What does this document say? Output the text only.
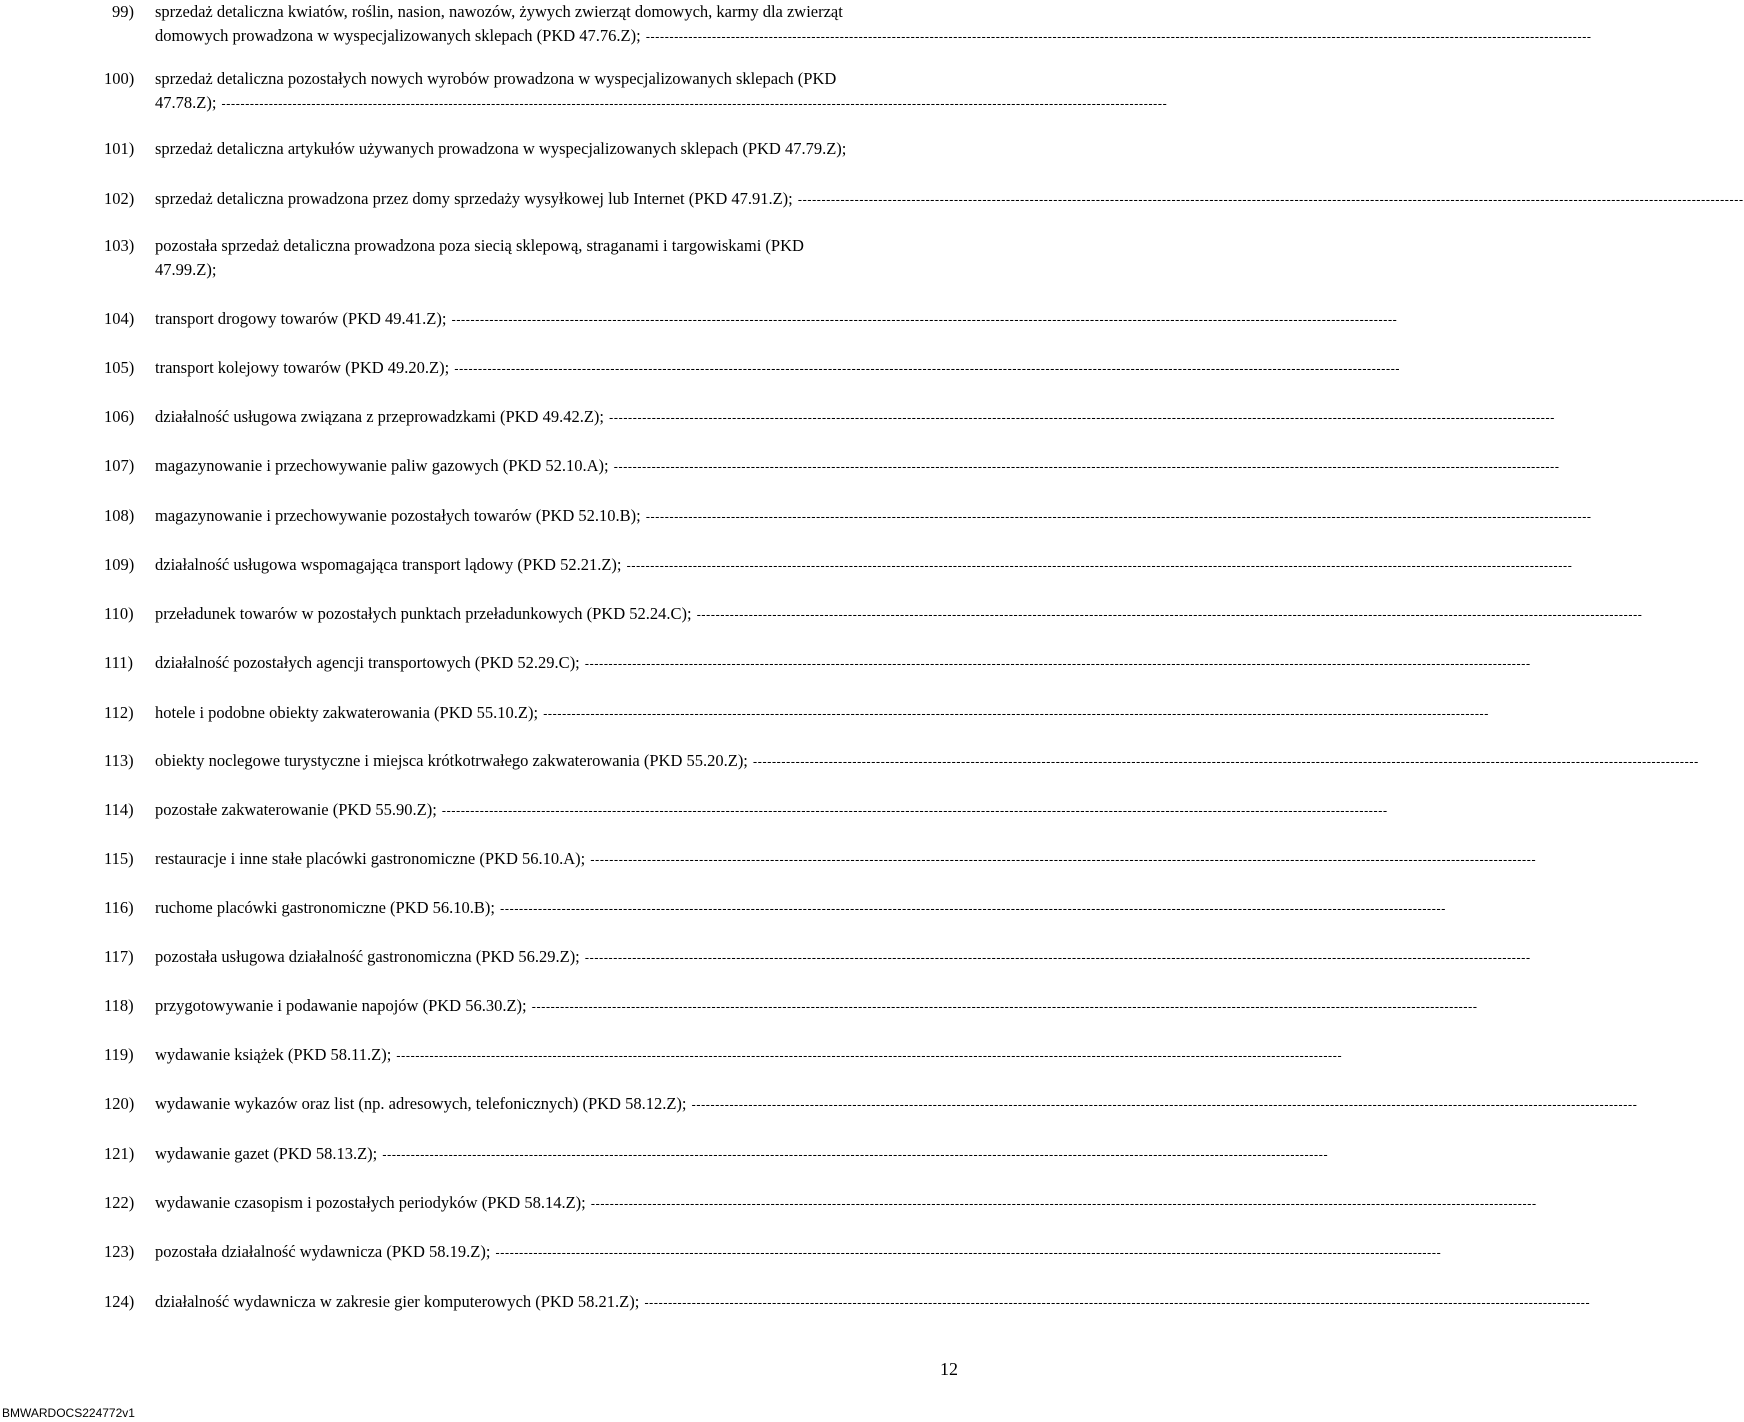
99) sprzedaż detaliczna kwiatów, roślin, nasion, nawozów, żywych zwierząt domowych, karmy dla zwierząt
domowych prowadzona w wyspecjalizowanych sklepach (PKD 47.76.Z); --------------------------------------------------------------------------------------------------------------------------------------------------------------------------------------------------------
100) sprzedaż detaliczna pozostałych nowych wyrobów prowadzona w wyspecjalizowanych sklepach (PKD
47.78.Z); --------------------------------------------------------------------------------------------------------------------------------------------------------------------------------------------------------
101) sprzedaż detaliczna artykułów używanych prowadzona w wyspecjalizowanych sklepach (PKD 47.79.Z);
102) sprzedaż detaliczna prowadzona przez domy sprzedaży wysyłkowej lub Internet (PKD 47.91.Z); --------------------------------------------------------------------------------------------------------------------------------------------------------------------------------------------------------
103) pozostała sprzedaż detaliczna prowadzona poza siecią sklepową, straganami i targowiskami (PKD
47.99.Z);
104) transport drogowy towarów (PKD 49.41.Z); --------------------------------------------------------------------------------------------------------------------------------------------------------------------------------------------------------
105) transport kolejowy towarów (PKD 49.20.Z); --------------------------------------------------------------------------------------------------------------------------------------------------------------------------------------------------------
106) działalność usługowa związana z przeprowadzkami (PKD 49.42.Z); --------------------------------------------------------------------------------------------------------------------------------------------------------------------------------------------------------
107) magazynowanie i przechowywanie paliw gazowych (PKD 52.10.A); --------------------------------------------------------------------------------------------------------------------------------------------------------------------------------------------------------
108) magazynowanie i przechowywanie pozostałych towarów (PKD 52.10.B); --------------------------------------------------------------------------------------------------------------------------------------------------------------------------------------------------------
109) działalność usługowa wspomagająca transport lądowy (PKD 52.21.Z); --------------------------------------------------------------------------------------------------------------------------------------------------------------------------------------------------------
110) przeładunek towarów w pozostałych punktach przeładunkowych (PKD 52.24.C); --------------------------------------------------------------------------------------------------------------------------------------------------------------------------------------------------------
111) działalność pozostałych agencji transportowych (PKD 52.29.C); --------------------------------------------------------------------------------------------------------------------------------------------------------------------------------------------------------
112) hotele i podobne obiekty zakwaterowania (PKD 55.10.Z); --------------------------------------------------------------------------------------------------------------------------------------------------------------------------------------------------------
113) obiekty noclegowe turystyczne i miejsca krótkotrwałego zakwaterowania (PKD 55.20.Z); --------------------------------------------------------------------------------------------------------------------------------------------------------------------------------------------------------
114) pozostałe zakwaterowanie (PKD 55.90.Z); --------------------------------------------------------------------------------------------------------------------------------------------------------------------------------------------------------
115) restauracje i inne stałe placówki gastronomiczne (PKD 56.10.A); --------------------------------------------------------------------------------------------------------------------------------------------------------------------------------------------------------
116) ruchome placówki gastronomiczne (PKD 56.10.B); --------------------------------------------------------------------------------------------------------------------------------------------------------------------------------------------------------
117) pozostała usługowa działalność gastronomiczna (PKD 56.29.Z); --------------------------------------------------------------------------------------------------------------------------------------------------------------------------------------------------------
118) przygotowywanie i podawanie napojów (PKD 56.30.Z); --------------------------------------------------------------------------------------------------------------------------------------------------------------------------------------------------------
119) wydawanie książek (PKD 58.11.Z); --------------------------------------------------------------------------------------------------------------------------------------------------------------------------------------------------------
120) wydawanie wykazów oraz list (np. adresowych, telefonicznych) (PKD 58.12.Z); --------------------------------------------------------------------------------------------------------------------------------------------------------------------------------------------------------
121) wydawanie gazet (PKD 58.13.Z); --------------------------------------------------------------------------------------------------------------------------------------------------------------------------------------------------------
122) wydawanie czasopism i pozostałych periodyków (PKD 58.14.Z); --------------------------------------------------------------------------------------------------------------------------------------------------------------------------------------------------------
123) pozostała działalność wydawnicza (PKD 58.19.Z); --------------------------------------------------------------------------------------------------------------------------------------------------------------------------------------------------------
124) działalność wydawnicza w zakresie gier komputerowych (PKD 58.21.Z); --------------------------------------------------------------------------------------------------------------------------------------------------------------------------------------------------------
12
BMWARDOCS224772v1
